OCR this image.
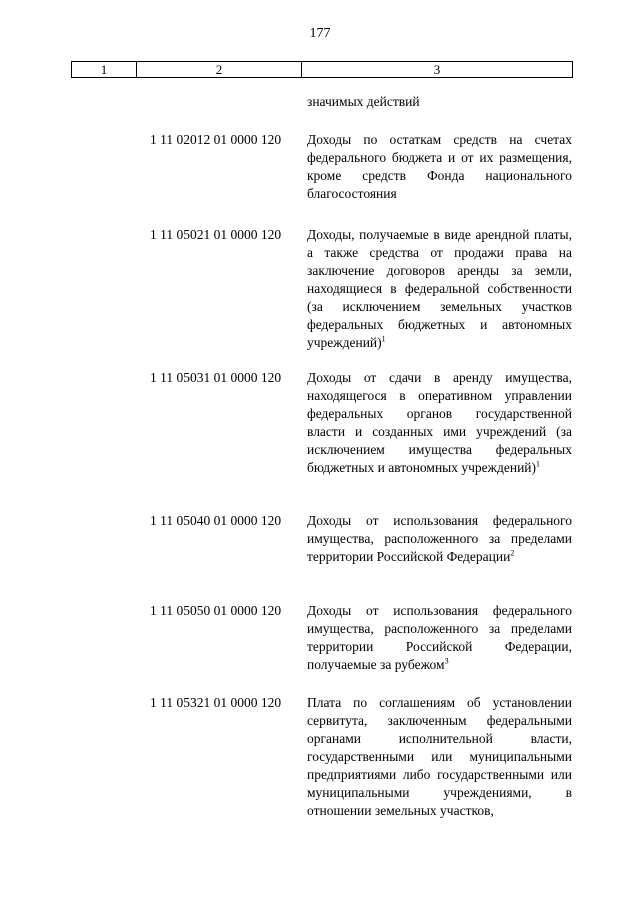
177
1	2	3
значимых действий
1 11 02012 01 0000 120 Доходы по остаткам средств на счетах федерального бюджета и от их размещения, кроме средств Фонда национального благосостояния
1 11 05021 01 0000 120 Доходы, получаемые в виде арендной платы, а также средства от продажи права на заключение договоров аренды за земли, находящиеся в федеральной собственности (за исключением земельных участков федеральных бюджетных и автономных учреждений)$^1$
1 11 05031 01 0000 120 Доходы от сдачи в аренду имущества, находящегося в оперативном управлении федеральных органов государственной власти и созданных ими учреждений (за исключением имущества федеральных бюджетных и автономных учреждений)$^1$
1 11 05040 01 0000 120 Доходы от использования федерального имущества, расположенного за пределами территории Российской Федерации$^2$
1 11 05050 01 0000 120 Доходы от использования федерального имущества, расположенного за пределами территории Российской Федерации, получаемые за рубежом$^3$
1 11 05321 01 0000 120 Плата по соглашениям об установлении сервитута, заключенным федеральными органами исполнительной власти, государственными или муниципальными предприятиями либо государственными или муниципальными учреждениями, в отношении земельных участков,
